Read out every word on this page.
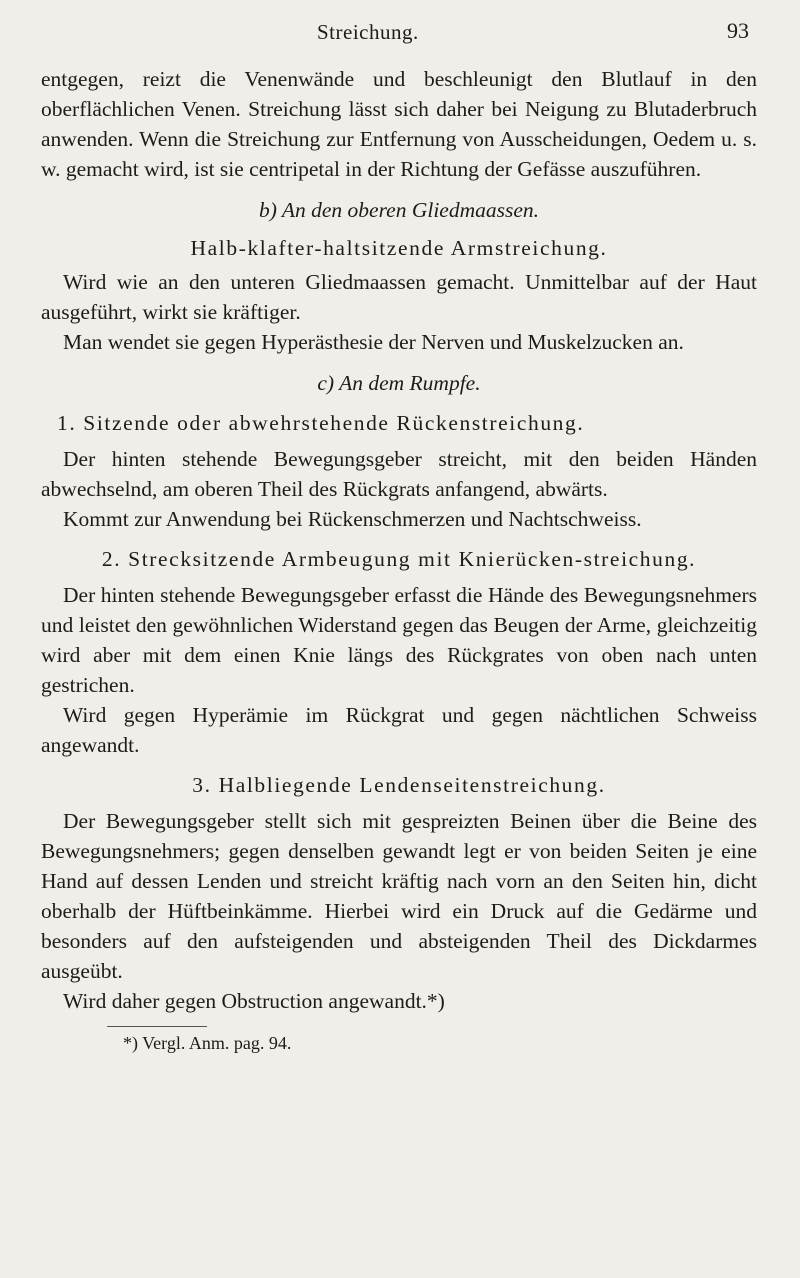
Streichung.	93

entgegen, reizt die Venenwände und beschleunigt den Blutlauf in den oberflächlichen Venen. Streichung lässt sich daher bei Neigung zu Blutaderbruch anwenden. Wenn die Streichung zur Entfernung von Ausscheidungen, Oedem u. s. w. gemacht wird, ist sie centripetal in der Richtung der Gefässe auszuführen.

b) An den oberen Gliedmaassen.
Halb-klafter-haltsitzende Armstreichung.

Wird wie an den unteren Gliedmaassen gemacht. Unmittelbar auf der Haut ausgeführt, wirkt sie kräftiger.

Man wendet sie gegen Hyperästhesie der Nerven und Muskelzucken an.

c) An dem Rumpfe.

1. Sitzende oder abwehrstehende Rückenstreichung.

Der hinten stehende Bewegungsgeber streicht, mit den beiden Händen abwechselnd, am oberen Theil des Rückgrats anfangend, abwärts.

Kommt zur Anwendung bei Rückenschmerzen und Nachtschweiss.

2. Strecksitzende Armbeugung mit Knierücken-streichung.

Der hinten stehende Bewegungsgeber erfasst die Hände des Bewegungsnehmers und leistet den gewöhnlichen Widerstand gegen das Beugen der Arme, gleichzeitig wird aber mit dem einen Knie längs des Rückgrates von oben nach unten gestrichen.

Wird gegen Hyperämie im Rückgrat und gegen nächtlichen Schweiss angewandt.

3. Halbliegende Lendenseitenstreichung.

Der Bewegungsgeber stellt sich mit gespreizten Beinen über die Beine des Bewegungsnehmers; gegen denselben gewandt legt er von beiden Seiten je eine Hand auf dessen Lenden und streicht kräftig nach vorn an den Seiten hin, dicht oberhalb der Hüftbeinkämme. Hierbei wird ein Druck auf die Gedärme und besonders auf den aufsteigenden und absteigenden Theil des Dickdarmes ausgeübt.

Wird daher gegen Obstruction angewandt.*)

*) Vergl. Anm. pag. 94.
